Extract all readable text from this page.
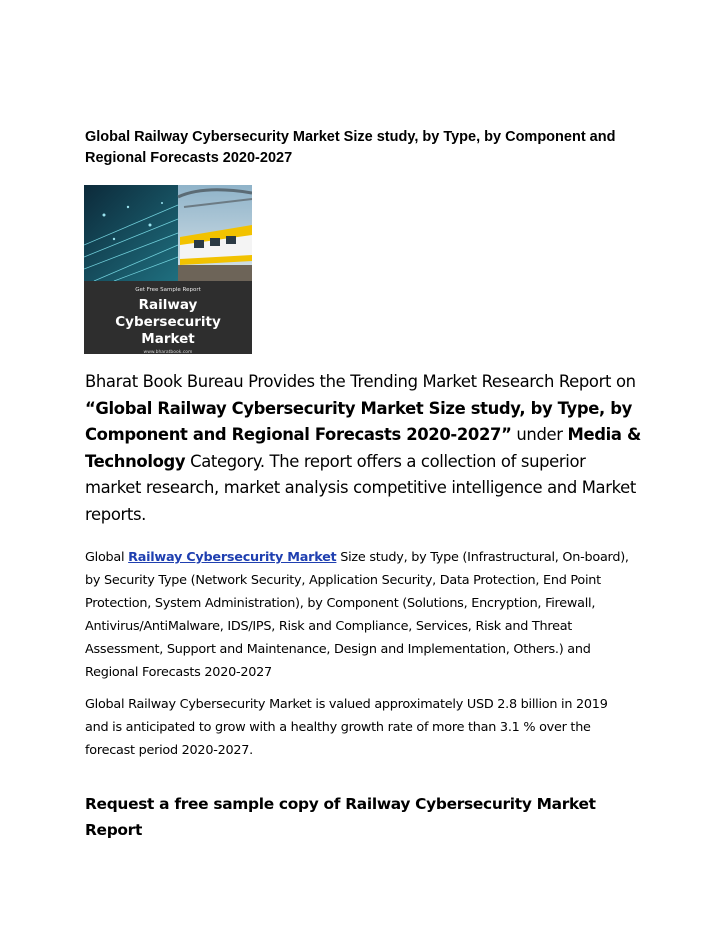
Global Railway Cybersecurity Market Size study, by Type, by Component and Regional Forecasts 2020-2027
Get Free Sample Report
Railway Cybersecurity
Market
www.bharatbook.com

Bharat Book Bureau Provides the Trending Market Research Report on “Global Railway Cybersecurity Market Size study, by Type, by Component and Regional Forecasts 2020-2027” under Media & Technology Category. The report offers a collection of superior market research, market analysis competitive intelligence and Market reports.

Global Railway Cybersecurity Market Size study, by Type (Infrastructural, On-board), by Security Type (Network Security, Application Security, Data Protection, End Point Protection, System Administration), by Component (Solutions, Encryption, Firewall, Antivirus/AntiMalware, IDS/IPS, Risk and Compliance, Services, Risk and Threat Assessment, Support and Maintenance, Design and Implementation, Others.) and Regional Forecasts 2020-2027

Global Railway Cybersecurity Market is valued approximately USD 2.8 billion in 2019 and is anticipated to grow with a healthy growth rate of more than 3.1 % over the forecast period 2020-2027.

Request a free sample copy of Railway Cybersecurity Market Report
